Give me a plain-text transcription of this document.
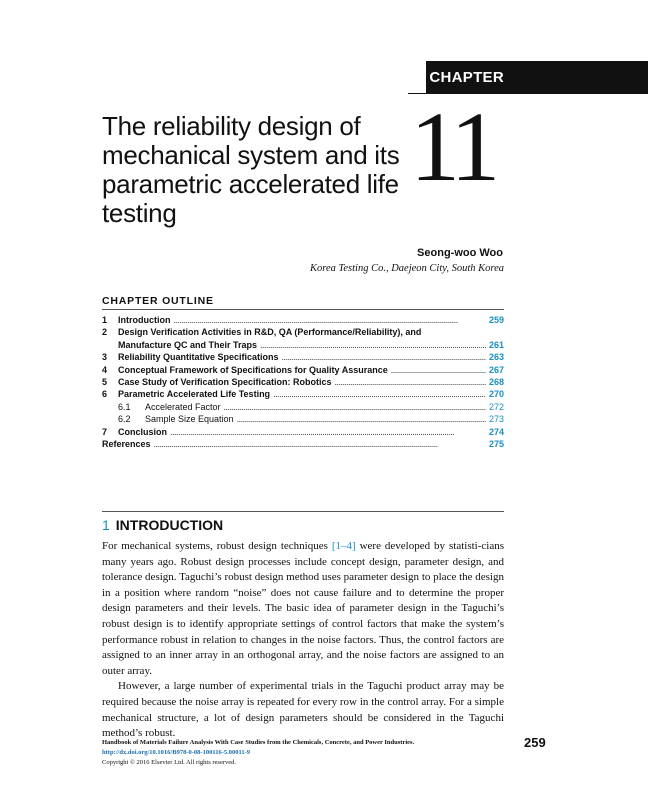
CHAPTER
The reliability design of mechanical system and its parametric accelerated life testing
11
Seong-woo Woo
Korea Testing Co., Daejeon City, South Korea
CHAPTER OUTLINE
1	Introduction . . .	259
2	Design Verification Activities in R&D, QA (Performance/Reliability), and
Manufacture QC and Their Traps . . .	261
3	Reliability Quantitative Specifications . . .	263
4	Conceptual Framework of Specifications for Quality Assurance . . .	267
5	Case Study of Verification Specification: Robotics . . .	268
6	Parametric Accelerated Life Testing . . .	270
6.1	Accelerated Factor . . .	272
6.2	Sample Size Equation . . .	273
7	Conclusion . . .	274
References . . .	275
1 INTRODUCTION

For mechanical systems, robust design techniques [1–4] were developed by statisti-cians many years ago. Robust design processes include concept design, parameter design, and tolerance design. Taguchi’s robust design method uses parameter design to place the design in a position where random “noise” does not cause failure and to determine the proper design parameters and their levels. The basic idea of parameter design in the Taguchi’s robust design is to identify appropriate settings of control factors that make the system’s performance robust in relation to changes in the noise factors. Thus, the control factors are assigned to an inner array in an orthogonal array, and the noise factors are assigned to an outer array.

However, a large number of experimental trials in the Taguchi product array may be required because the noise array is repeated for every row in the control array. For a simple mechanical structure, a lot of design parameters should be considered in the Taguchi method’s robust.

Handbook of Materials Failure Analysis With Case Studies from the Chemicals, Concrete, and Power Industries.
http://dx.doi.org/10.1016/B978-0-08-100116-5.00011-9
Copyright © 2016 Elsevier Ltd. All rights reserved.
259
